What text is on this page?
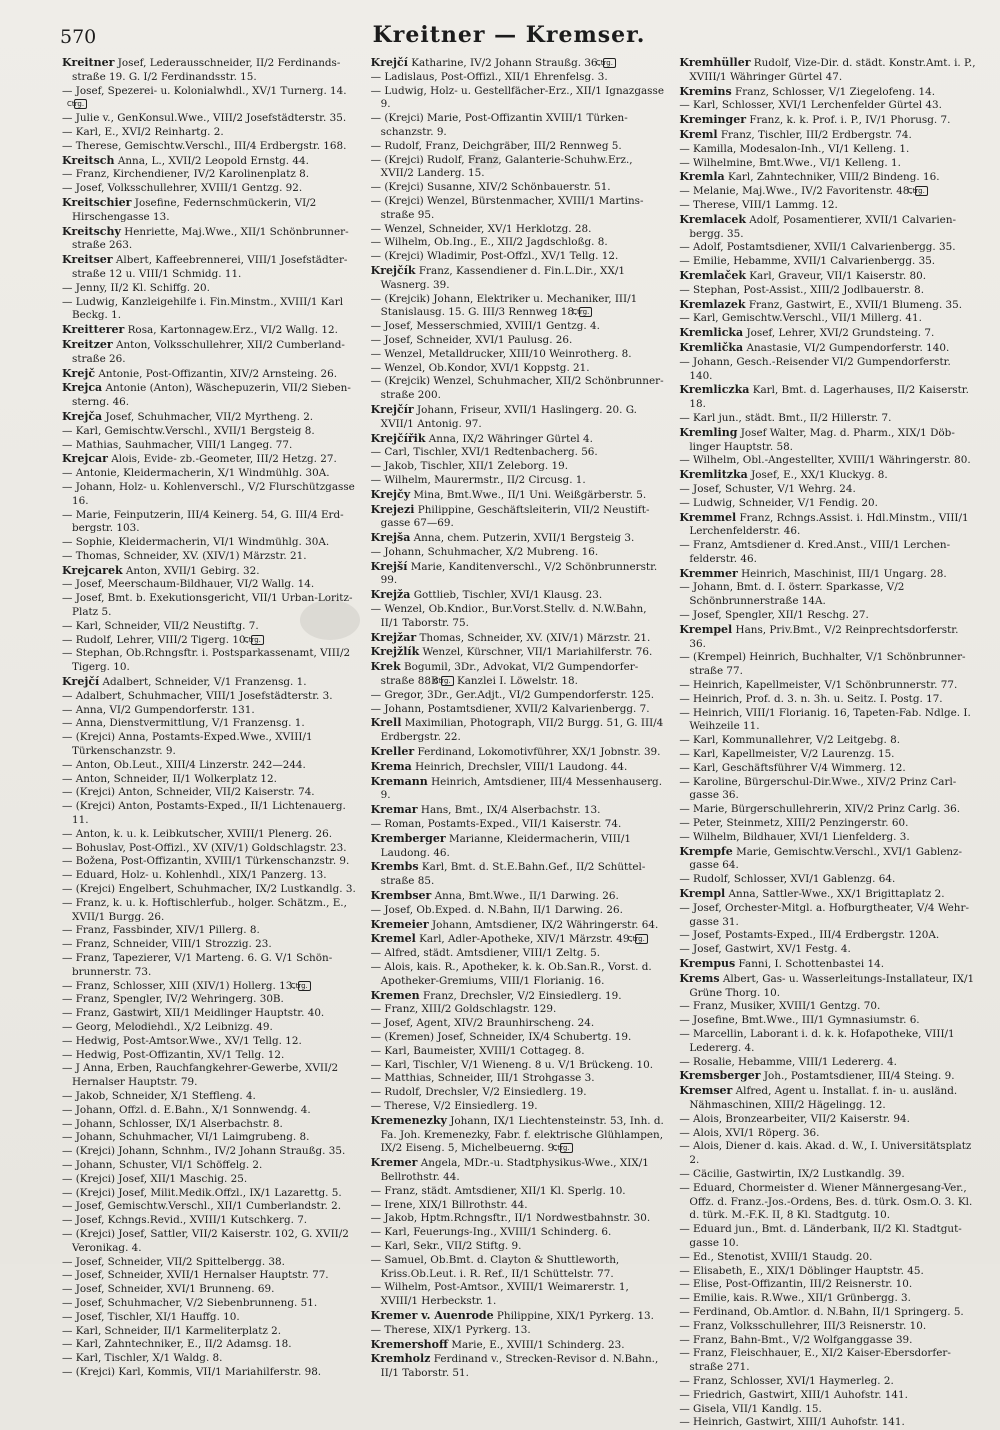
570	Kreitner — Kremser.

Kreitner Josef, Lederausschneider, II/2 Ferdinandsstraße 19. G. I/2 Ferdinandsstr. 15.

— Josef, Spezerei- u. Kolonialwhdl., XV/1 Turnerg. 14.Ctrg.

— Julie v., GenKonsul.Wwe., VIII/2 Josefstädterstr. 35.

— Karl, E., XVI/2 Reinhartg. 2.

— Therese, Gemischtw.Verschl., III/4 Erdbergstr. 168.

Kreitsch Anna, L., XVII/2 Leopold Ernstg. 44.

— Franz, Kirchendiener, IV/2 Karolinenplatz 8.

— Josef, Volksschullehrer, XVIII/1 Gentzg. 92.

Kreitschier Josefine, Federnschmückerin, VI/2 Hirschengasse 13.

Kreitschy Henriette, Maj.Wwe., XII/1 Schönbrunnerstraße 263.

Kreitser Albert, Kaffeebrennerei, VIII/1 Josefstädterstraße 12 u. VIII/1 Schmidg. 11.

— Jenny, II/2 Kl. Schiffg. 20.

— Ludwig, Kanzleigehilfe i. Fin.Minstm., XVIII/1 Karl Beckg. 1.

Kreitterer Rosa, Kartonnagew.Erz., VI/2 Wallg. 12.

Kreitzer Anton, Volksschullehrer, XII/2 Cumberlandstraße 26.

Krejč Antonie, Post-Offizantin, XIV/2 Arnsteing. 26.

Krejca Antonie (Anton), Wäschepuzerin, VII/2 Siebensterng. 46.

Krejča Josef, Schuhmacher, VII/2 Myrtheng. 2.

— Karl, Gemischtw.Verschl., XVII/1 Bergsteig 8.

— Mathias, Sauhmacher, VIII/1 Langeg. 77.

Krejcar Alois, Evide- zb.-Geometer, III/2 Hetzg. 27.

— Antonie, Kleidermacherin, X/1 Windmühlg. 30A.

— Johann, Holz- u. Kohlenverschl., V/2 Flurschützgasse 16.

— Marie, Feinputzerin, III/4 Keinerg. 54, G. III/4 Erdbergstr. 103.

— Sophie, Kleidermacherin, VI/1 Windmühlg. 30A.

— Thomas, Schneider, XV. (XIV/1) Märzstr. 21.

Krejcarek Anton, XVII/1 Gebirg. 32.

— Josef, Meerschaum-Bildhauer, VI/2 Wallg. 14.

— Josef, Bmt. b. Exekutionsgericht, VII/1 Urban-Loritz-Platz 5.

— Karl, Schneider, VII/2 Neustiftg. 7.

— Rudolf, Lehrer, VIII/2 Tigerg. 10.Ctrg.

— Stephan, Ob.Rchngsftr. i. Postsparkassenamt, VIII/2 Tigerg. 10.

Krejčí Adalbert, Schneider, V/1 Franzensg. 1.

— Adalbert, Schuhmacher, VIII/1 Josefstädterstr. 3.

— Anna, VI/2 Gumpendorferstr. 131.

— Anna, Dienstvermittlung, V/1 Franzensg. 1.

— (Krejci) Anna, Postamts-Exped.Wwe., XVIII/1 Türkenschanzstr. 9.

— Anton, Ob.Leut., XIII/4 Linzerstr. 242—244.

— Anton, Schneider, II/1 Wolkerplatz 12.

— (Krejci) Anton, Schneider, VII/2 Kaiserstr. 74.

— (Krejci) Anton, Postamts-Exped., II/1 Lichtenauerg. 11.

— Anton, k. u. k. Leibkutscher, XVIII/1 Plenerg. 26.

— Bohuslav, Post-Offizl., XV (XIV/1) Goldschlagstr. 23.

— Božena, Post-Offizantin, XVIII/1 Türkenschanzstr. 9.

— Eduard, Holz- u. Kohlenhdl., XIX/1 Panzerg. 13.

— (Krejci) Engelbert, Schuhmacher, IX/2 Lustkandlg. 3.

— Franz, k. u. k. Hoftischlerfub., holger. Schätzm., E., XVII/1 Burgg. 26.

— Franz, Fassbinder, XIV/1 Pillerg. 8.

— Franz, Schneider, VIII/1 Strozzig. 23.

— Franz, Tapezierer, V/1 Marteng. 6. G. V/1 Schönbrunnerstr. 73.

— Franz, Schlosser, XIII (XIV/1) Hollerg. 13.Ctrg.

— Franz, Spengler, IV/2 Wehringerg. 30B.

— Franz, Gastwirt, XII/1 Meidlinger Hauptstr. 40.

— Georg, Melodiehdl., X/2 Leibnizg. 49.

— Hedwig, Post-Amtsor.Wwe., XV/1 Tellg. 12.

— Hedwig, Post-Offizantin, XV/1 Tellg. 12.

— J Anna, Erben, Rauchfangkehrer-Gewerbe, XVII/2 Hernalser Hauptstr. 79.

— Jakob, Schneider, X/1 Steffleng. 4.

— Johann, Offzl. d. E.Bahn., X/1 Sonnwendg. 4.

— Johann, Schlosser, IX/1 Alserbachstr. 8.

— Johann, Schuhmacher, VI/1 Laimgrubeng. 8.

— (Krejci) Johann, Schnhm., IV/2 Johann Straußg. 35.

— Johann, Schuster, VI/1 Schöffelg. 2.

— (Krejci) Josef, XII/1 Maschig. 25.

— (Krejci) Josef, Milit.Medik.Offzl., IX/1 Lazarettg. 5.

— Josef, Gemischtw.Verschl., XII/1 Cumberlandstr. 2.

— Josef, Kchngs.Revid., XVIII/1 Kutschkerg. 7.

— (Krejci) Josef, Sattler, VII/2 Kaiserstr. 102, G. XVII/2 Veronikag. 4.

— Josef, Schneider, VII/2 Spittelbergg. 38.

— Josef, Schneider, XVII/1 Hernalser Hauptstr. 77.

— Josef, Schneider, XVI/1 Brunneng. 69.

— Josef, Schuhmacher, V/2 Siebenbrunneng. 51.

— Josef, Tischler, XI/1 Hauffg. 10.

— Karl, Schneider, II/1 Karmeliterplatz 2.

— Karl, Zahntechniker, E., II/2 Adamsg. 18.

— Karl, Tischler, X/1 Waldg. 8.

— (Krejci) Karl, Kommis, VII/1 Mariahilferstr. 98.

Krejčí Katharine, IV/2 Johann Straußg. 36.Ctrg.

— Ladislaus, Post-Offizl., XII/1 Ehrenfelsg. 3.

— Ludwig, Holz- u. Gestellfächer-Erz., XII/1 Ignazgasse 9.

— (Krejci) Marie, Post-Offizantin XVIII/1 Türkenschanzstr. 9.

— Rudolf, Franz, Deichgräber, III/2 Rennweg 5.

— (Krejci) Rudolf, Franz, Galanterie-Schuhw.Erz., XVII/2 Landerg. 15.

— (Krejci) Susanne, XIV/2 Schönbauerstr. 51.

— (Krejci) Wenzel, Bürstenmacher, XVIII/1 Martinsstraße 95.

— Wenzel, Schneider, XV/1 Herklotzg. 28.

— Wilhelm, Ob.Ing., E., XII/2 Jagdschloßg. 8.

— (Krejci) Wladimir, Post-Offzl., XV/1 Tellg. 12.

Krejčík Franz, Kassendiener d. Fin.L.Dir., XX/1 Wasnerg. 39.

— (Krejcik) Johann, Elektriker u. Mechaniker, III/1 Stanislausg. 15. G. III/3 Rennweg 18.Ctrg.

— Josef, Messerschmied, XVIII/1 Gentzg. 4.

— Josef, Schneider, XVI/1 Paulusg. 26.

— Wenzel, Metalldrucker, XIII/10 Weinrotherg. 8.

— Wenzel, Ob.Kondor, XVI/1 Koppstg. 21.

— (Krejcik) Wenzel, Schuhmacher, XII/2 Schönbrunnerstraße 200.

Krejčír Johann, Friseur, XVII/1 Haslingerg. 20. G. XVII/1 Antonig. 97.

Krejčířik Anna, IX/2 Währinger Gürtel 4.

— Carl, Tischler, XVI/1 Redtenbacherg. 56.

— Jakob, Tischler, XII/1 Zeleborg. 19.

— Wilhelm, Maurermstr., II/2 Circusg. 1.

Krejčy Mina, Bmt.Wwe., II/1 Uni. Weißgärberstr. 5.

Krejezi Philippine, Geschäftsleiterin, VII/2 Neustiftgasse 67—69.

Krejša Anna, chem. Putzerin, XVII/1 Bergsteig 3.

— Johann, Schuhmacher, X/2 Mubreng. 16.

Krejší Marie, Kanditenverschl., V/2 Schönbrunnerstr. 99.

Krejža Gottlieb, Tischler, XVI/1 Klausg. 23.

— Wenzel, Ob.Kndior., Bur.Vorst.Stellv. d. N.W.Bahn, II/1 Taborstr. 75.

Krejžar Thomas, Schneider, XV. (XIV/1) Märzstr. 21.

Krejžlík Wenzel, Kürschner, VII/1 Mariahilferstr. 76.

Krek Bogumil, 3Dr., Advokat, VI/2 Gumpendorferstraße 88BCtrg. Kanzlei I. Löwelstr. 18.

— Gregor, 3Dr., Ger.Adjt., VI/2 Gumpendorferstr. 125.

— Johann, Postamtsdiener, XVII/2 Kalvarienbergg. 7.

Krell Maximilian, Photograph, VII/2 Burgg. 51, G. III/4 Erdbergstr. 22.

Kreller Ferdinand, Lokomotivführer, XX/1 Jobnstr. 39.

Krema Heinrich, Drechsler, VIII/1 Laudong. 44.

Kremann Heinrich, Amtsdiener, III/4 Messenhauserg. 9.

Kremar Hans, Bmt., IX/4 Alserbachstr. 13.

— Roman, Postamts-Exped., VII/1 Kaiserstr. 74.

Kremberger Marianne, Kleidermacherin, VIII/1 Laudong. 46.

Krembs Karl, Bmt. d. St.E.Bahn.Gef., II/2 Schüttelstraße 85.

Krembser Anna, Bmt.Wwe., II/1 Darwing. 26.

— Josef, Ob.Exped. d. N.Bahn, II/1 Darwing. 26.

Kremeier Johann, Amtsdiener, IX/2 Währingerstr. 64.

Kremel Karl, Adler-Apotheke, XIV/1 Märzstr. 49.Ctrg.

— Alfred, städt. Amtsdiener, VIII/1 Zeltg. 5.

— Alois, kais. R., Apotheker, k. k. Ob.San.R., Vorst. d. Apotheker-Gremiums, VIII/1 Florianig. 16.

Kremen Franz, Drechsler, V/2 Einsiedlerg. 19.

— Franz, XIII/2 Goldschlagstr. 129.

— Josef, Agent, XIV/2 Braunhirscheng. 24.

— (Kremen) Josef, Schneider, IX/4 Schubertg. 19.

— Karl, Baumeister, XVIII/1 Cottageg. 8.

— Karl, Tischler, V/1 Wieneng. 8 u. V/1 Brückeng. 10.

— Matthias, Schneider, III/1 Strohgasse 3.

— Rudolf, Drechsler, V/2 Einsiedlerg. 19.

— Therese, V/2 Einsiedlerg. 19.

Kremenezky Johann, IX/1 Liechtensteinstr. 53, Inh. d. Fa. Joh. Kremenezky, Fabr. f. elektrische Glühlampen, IX/2 Eiseng. 5, Michelbeuerng. 9.Ctrg.

Kremer Angela, MDr.-u. Stadtphysikus-Wwe., XIX/1 Bellrothstr. 44.

— Franz, städt. Amtsdiener, XII/1 Kl. Sperlg. 10.

— Irene, XIX/1 Billrothstr. 44.

— Jakob, Hptm.Rchngsftr., II/1 Nordwestbahnstr. 30.

— Karl, Feuerungs-Ing., XVIII/1 Schinderg. 6.

— Karl, Sekr., VII/2 Stiftg. 9.

— Samuel, Ob.Bmt. d. Clayton & Shuttleworth, Kriss.Ob.Leut. i. R. Ref., II/1 Schüttelstr. 77.

— Wilhelm, Post-Amtsor., XVIII/1 Weimarerstr. 1, XVIII/1 Herbeckstr. 1.

Kremer v. Auenrode Philippine, XIX/1 Pyrkerg. 13.

— Therese, XIX/1 Pyrkerg. 13.

Kremershoff Marie, E., XVIII/1 Schinderg. 23.

Kremholz Ferdinand v., Strecken-Revisor d. N.Bahn., II/1 Taborstr. 51.

Kremhüller Rudolf, Vize-Dir. d. städt. Konstr.Amt. i. P., XVIII/1 Währinger Gürtel 47.

Kremins Franz, Schlosser, V/1 Ziegelofeng. 14.

— Karl, Schlosser, XVI/1 Lerchenfelder Gürtel 43.

Kreminger Franz, k. k. Prof. i. P., IV/1 Phorusg. 7.

Kreml Franz, Tischler, III/2 Erdbergstr. 74.

— Kamilla, Modesalon-Inh., VI/1 Kelleng. 1.

— Wilhelmine, Bmt.Wwe., VI/1 Kelleng. 1.

Kremla Karl, Zahntechniker, VIII/2 Bindeng. 16.

— Melanie, Maj.Wwe., IV/2 Favoritenstr. 48.Ctrg.

— Therese, VIII/1 Lammg. 12.

Kremlacek Adolf, Posamentierer, XVII/1 Calvarienbergg. 35.

— Adolf, Postamtsdiener, XVII/1 Calvarienbergg. 35.

— Emilie, Hebamme, XVII/1 Calvarienbergg. 35.

Kremlaček Karl, Graveur, VII/1 Kaiserstr. 80.

— Stephan, Post-Assist., XIII/2 Jodlbauerstr. 8.

Kremlazek Franz, Gastwirt, E., XVII/1 Blumeng. 35.

— Karl, Gemischtw.Verschl., VII/1 Millerg. 41.

Kremlicka Josef, Lehrer, XVI/2 Grundsteing. 7.

Kremlička Anastasie, VI/2 Gumpendorferstr. 140.

— Johann, Gesch.-Reisender VI/2 Gumpendorferstr. 140.

Kremliczka Karl, Bmt. d. Lagerhauses, II/2 Kaiserstr. 18.

— Karl jun., städt. Bmt., II/2 Hillerstr. 7.

Kremling Josef Walter, Mag. d. Pharm., XIX/1 Döblinger Hauptstr. 58.

— Wilhelm, Obl.-Angestellter, XVIII/1 Währingerstr. 80.

Kremlitzka Josef, E., XX/1 Kluckyg. 8.

— Josef, Schuster, V/1 Wehrg. 24.

— Ludwig, Schneider, V/1 Fendig. 20.

Kremmel Franz, Rchngs.Assist. i. Hdl.Minstm., VIII/1 Lerchenfelderstr. 46.

— Franz, Amtsdiener d. Kred.Anst., VIII/1 Lerchenfelderstr. 46.

Kremmer Heinrich, Maschinist, III/1 Ungarg. 28.

— Johann, Bmt. d. I. österr. Sparkasse, V/2 Schönbrunnerstraße 14A.

— Josef, Spengler, XII/1 Reschg. 27.

Krempel Hans, Priv.Bmt., V/2 Reinprechtsdorferstr. 36.

— (Krempel) Heinrich, Buchhalter, V/1 Schönbrunnerstraße 77.

— Heinrich, Kapellmeister, V/1 Schönbrunnerstr. 77.

— Heinrich, Prof. d. 3. n. 3h. u. Seitz. I. Postg. 17.

— Heinrich, VIII/1 Florianig. 16, Tapeten-Fab. Ndlge. I. Weihzeile 11.

— Karl, Kommunallehrer, V/2 Leitgebg. 8.

— Karl, Kapellmeister, V/2 Laurenzg. 15.

— Karl, Geschäftsführer V/4 Wimmerg. 12.

— Karoline, Bürgerschul-Dir.Wwe., XIV/2 Prinz Carlgasse 36.

— Marie, Bürgerschullehrerin, XIV/2 Prinz Carlg. 36.

— Peter, Steinmetz, XIII/2 Penzingerstr. 60.

— Wilhelm, Bildhauer, XVI/1 Lienfelderg. 3.

Krempfe Marie, Gemischtw.Verschl., XVI/1 Gablenzgasse 64.

— Rudolf, Schlosser, XVI/1 Gablenzg. 64.

Krempl Anna, Sattler-Wwe., XX/1 Brigittaplatz 2.

— Josef, Orchester-Mitgl. a. Hofburgtheater, V/4 Wehrgasse 31.

— Josef, Postamts-Exped., III/4 Erdbergstr. 120A.

— Josef, Gastwirt, XV/1 Festg. 4.

Krempus Fanni, I. Schottenbastei 14.

Krems Albert, Gas- u. Wasserleitungs-Installateur, IX/1 Grüne Thorg. 10.

— Franz, Musiker, XVIII/1 Gentzg. 70.

— Josefine, Bmt.Wwe., III/1 Gymnasiumstr. 6.

— Marcellin, Laborant i. d. k. k. Hofapotheke, VIII/1 Ledererg. 4.

— Rosalie, Hebamme, VIII/1 Ledererg. 4.

Kremsberger Joh., Postamtsdiener, III/4 Steing. 9.

Kremser Alfred, Agent u. Installat. f. in- u. ausländ. Nähmaschinen, XIII/2 Hägelingg. 12.

— Alois, Bronzearbeiter, VII/2 Kaiserstr. 94.

— Alois, XVI/1 Röperg. 36.

— Alois, Diener d. kais. Akad. d. W., I. Universitätsplatz 2.

— Cäcilie, Gastwirtin, IX/2 Lustkandlg. 39.

— Eduard, Chormeister d. Wiener Männergesang-Ver., Offz. d. Franz.-Jos.-Ordens, Bes. d. türk. Osm.O. 3. Kl. d. türk. M.-F.K. II, 8 Kl. Stadtgutg. 10.

— Eduard jun., Bmt. d. Länderbank, II/2 Kl. Stadtgutgasse 10.

— Ed., Stenotist, XVIII/1 Staudg. 20.

— Elisabeth, E., XIX/1 Döblinger Hauptstr. 45.

— Elise, Post-Offizantin, III/2 Reisnerstr. 10.

— Emilie, kais. R.Wwe., XII/1 Grünbergg. 3.

— Ferdinand, Ob.Amtlor. d. N.Bahn, II/1 Springerg. 5.

— Franz, Volksschullehrer, III/3 Reisnerstr. 10.

— Franz, Bahn-Bmt., V/2 Wolfganggasse 39.

— Franz, Fleischhauer, E., XI/2 Kaiser-Ebersdorferstraße 271.

— Franz, Schlosser, XVI/1 Haymerleg. 2.

— Friedrich, Gastwirt, XIII/1 Auhofstr. 141.

— Gisela, VII/1 Kandlg. 15.

— Heinrich, Gastwirt, XIII/1 Auhofstr. 141.
